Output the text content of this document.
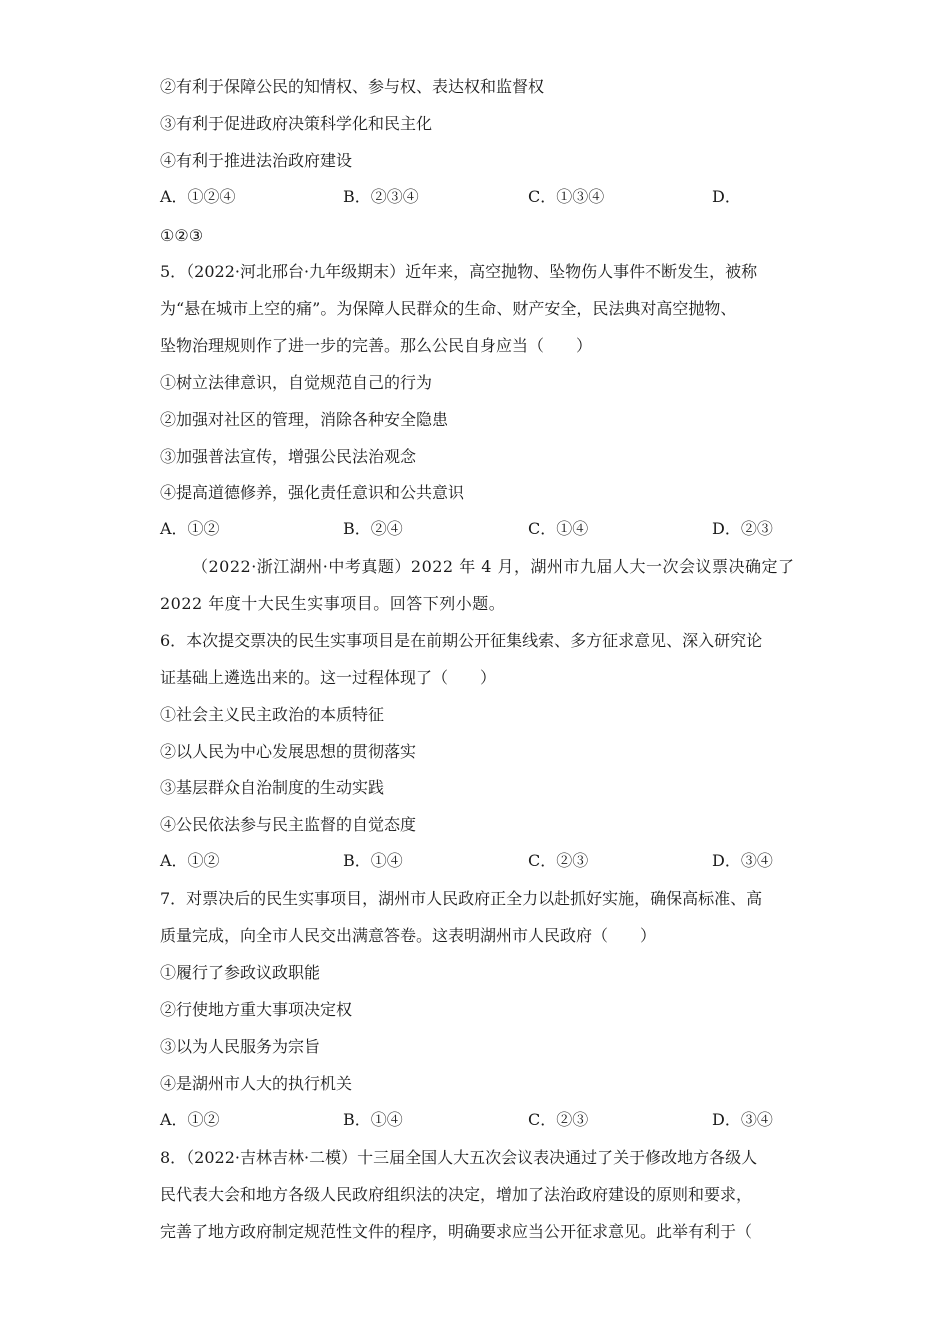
②有利于保障公民的知情权、参与权、表达权和监督权
③有利于促进政府决策科学化和民主化
④有利于推进法治政府建设
A．①②④	B．②③④	C．①③④	D．
①②③
5．（2022·河北邢台·九年级期末）近年来，高空抛物、坠物伤人事件不断发生，被称
为“悬在城市上空的痛”。为保障人民群众的生命、财产安全，民法典对高空抛物、
坠物治理规则作了进一步的完善。那么公民自身应当（　　）
①树立法律意识，自觉规范自己的行为
②加强对社区的管理，消除各种安全隐患
③加强普法宣传，增强公民法治观念
④提高道德修养，强化责任意识和公共意识
A．①②	B．②④	C．①④	D．②③
（2022·浙江湖州·中考真题）2022 年 4 月，湖州市九届人大一次会议票决确定了
2022 年度十大民生实事项目。回答下列小题。
6．本次提交票决的民生实事项目是在前期公开征集线索、多方征求意见、深入研究论
证基础上遴选出来的。这一过程体现了（　　）
①社会主义民主政治的本质特征
②以人民为中心发展思想的贯彻落实
③基层群众自治制度的生动实践
④公民依法参与民主监督的自觉态度
A．①②	B．①④	C．②③	D．③④
7．对票决后的民生实事项目，湖州市人民政府正全力以赴抓好实施，确保高标准、高
质量完成，向全市人民交出满意答卷。这表明湖州市人民政府（　　）
①履行了参政议政职能
②行使地方重大事项决定权
③以为人民服务为宗旨
④是湖州市人大的执行机关
A．①②	B．①④	C．②③	D．③④
8．（2022·吉林吉林·二模）十三届全国人大五次会议表决通过了关于修改地方各级人
民代表大会和地方各级人民政府组织法的决定，增加了法治政府建设的原则和要求，
完善了地方政府制定规范性文件的程序，明确要求应当公开征求意见。此举有利于（
